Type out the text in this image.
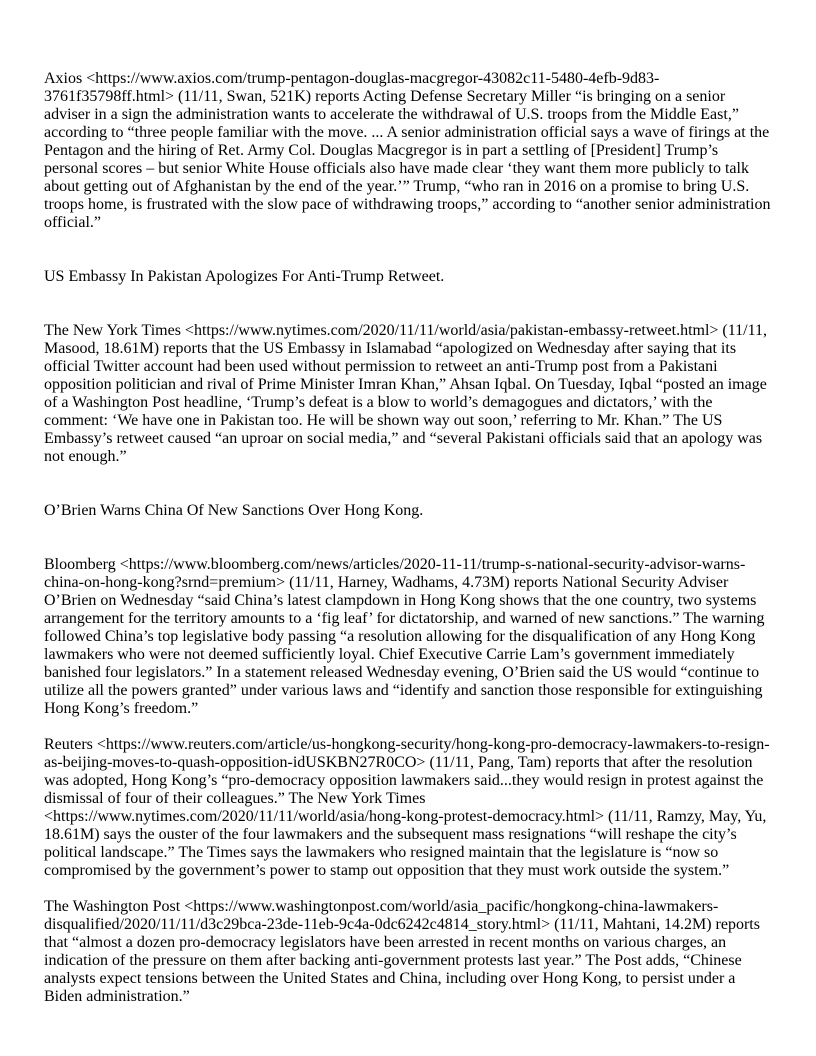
Axios <https://www.axios.com/trump-pentagon-douglas-macgregor-43082c11-5480-4efb-9d83-3761f35798ff.html> (11/11, Swan, 521K) reports Acting Defense Secretary Miller “is bringing on a senior adviser in a sign the administration wants to accelerate the withdrawal of U.S. troops from the Middle East,” according to “three people familiar with the move. ... A senior administration official says a wave of firings at the Pentagon and the hiring of Ret. Army Col. Douglas Macgregor is in part a settling of [President] Trump’s personal scores – but senior White House officials also have made clear ‘they want them more publicly to talk about getting out of Afghanistan by the end of the year.’” Trump, “who ran in 2016 on a promise to bring U.S. troops home, is frustrated with the slow pace of withdrawing troops,” according to “another senior administration official.”

US Embassy In Pakistan Apologizes For Anti-Trump Retweet.

The New York Times <https://www.nytimes.com/2020/11/11/world/asia/pakistan-embassy-retweet.html> (11/11, Masood, 18.61M) reports that the US Embassy in Islamabad “apologized on Wednesday after saying that its official Twitter account had been used without permission to retweet an anti-Trump post from a Pakistani opposition politician and rival of Prime Minister Imran Khan,” Ahsan Iqbal. On Tuesday, Iqbal “posted an image of a Washington Post headline, ‘Trump’s defeat is a blow to world’s demagogues and dictators,’ with the comment: ‘We have one in Pakistan too. He will be shown way out soon,’ referring to Mr. Khan.” The US Embassy’s retweet caused “an uproar on social media,” and “several Pakistani officials said that an apology was not enough.”

O’Brien Warns China Of New Sanctions Over Hong Kong.

Bloomberg <https://www.bloomberg.com/news/articles/2020-11-11/trump-s-national-security-advisor-warns-china-on-hong-kong?srnd=premium> (11/11, Harney, Wadhams, 4.73M) reports National Security Adviser O’Brien on Wednesday “said China’s latest clampdown in Hong Kong shows that the one country, two systems arrangement for the territory amounts to a ‘fig leaf’ for dictatorship, and warned of new sanctions.” The warning followed China’s top legislative body passing “a resolution allowing for the disqualification of any Hong Kong lawmakers who were not deemed sufficiently loyal. Chief Executive Carrie Lam’s government immediately banished four legislators.” In a statement released Wednesday evening, O’Brien said the US would “continue to utilize all the powers granted” under various laws and “identify and sanction those responsible for extinguishing Hong Kong’s freedom.”

Reuters <https://www.reuters.com/article/us-hongkong-security/hong-kong-pro-democracy-lawmakers-to-resign-as-beijing-moves-to-quash-opposition-idUSKBN27R0CO> (11/11, Pang, Tam) reports that after the resolution was adopted, Hong Kong’s “pro-democracy opposition lawmakers said...they would resign in protest against the dismissal of four of their colleagues.” The New York Times <https://www.nytimes.com/2020/11/11/world/asia/hong-kong-protest-democracy.html> (11/11, Ramzy, May, Yu, 18.61M) says the ouster of the four lawmakers and the subsequent mass resignations “will reshape the city’s political landscape.” The Times says the lawmakers who resigned maintain that the legislature is “now so compromised by the government’s power to stamp out opposition that they must work outside the system.”

The Washington Post <https://www.washingtonpost.com/world/asia_pacific/hongkong-china-lawmakers-disqualified/2020/11/11/d3c29bca-23de-11eb-9c4a-0dc6242c4814_story.html> (11/11, Mahtani, 14.2M) reports that “almost a dozen pro-democracy legislators have been arrested in recent months on various charges, an indication of the pressure on them after backing anti-government protests last year.” The Post adds, “Chinese analysts expect tensions between the United States and China, including over Hong Kong, to persist under a Biden administration.”
